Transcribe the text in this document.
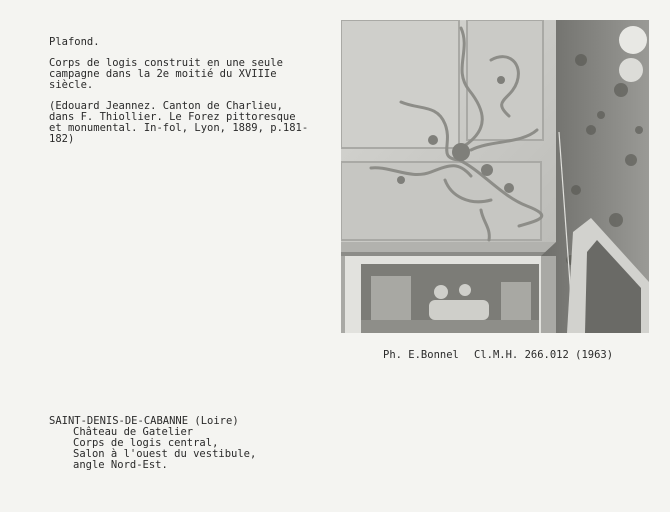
Plafond.
Corps de logis construit en une seule
campagne dans la 2e moitié du XVIIIe
siècle.
(Edouard Jeannez. Canton de Charlieu,
dans F. Thiollier. Le Forez pittoresque
et monumental. In-fol, Lyon, 1889, p.181-
182)
Ph. E.Bonnel Cl.M.H. 266.012 (1963)
SAINT-DENIS-DE-CABANNE (Loire)
Château de Gatelier
Corps de logis central,
Salon à l'ouest du vestibule,
angle Nord-Est.
